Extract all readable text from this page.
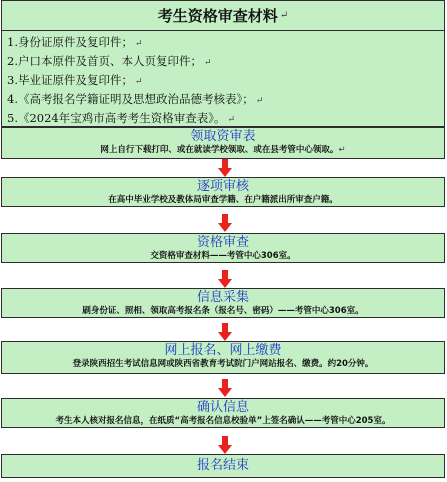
考生资格审查材料 ↵
1.身份证原件及复印件； ↵
2.户口本原件及首页、本人页复印件； ↵
3.毕业证原件及复印件； ↵
4.《高考报名学籍证明及思想政治品德考核表》； ↵
5.《2024年宝鸡市高考考生资格审查表》。 ↵
领取资审表
网上自行下载打印、或在就读学校领取、或在县考管中心领取。↵
逐项审核
在高中毕业学校及教体局审查学籍、在户籍派出所审查户籍。
资格审查
交资格审查材料——考管中心306室。
信息采集
刷身份证、照相、领取高考报名条（报名号、密码）——考管中心306室。
网上报名、网上缴费
登录陕西招生考试信息网或陕西省教育考试院门户网站报名、缴费。约20分钟。
确认信息
考生本人核对报名信息，在纸质“高考报名信息校验单”上签名确认——考管中心205室。
报名结束
